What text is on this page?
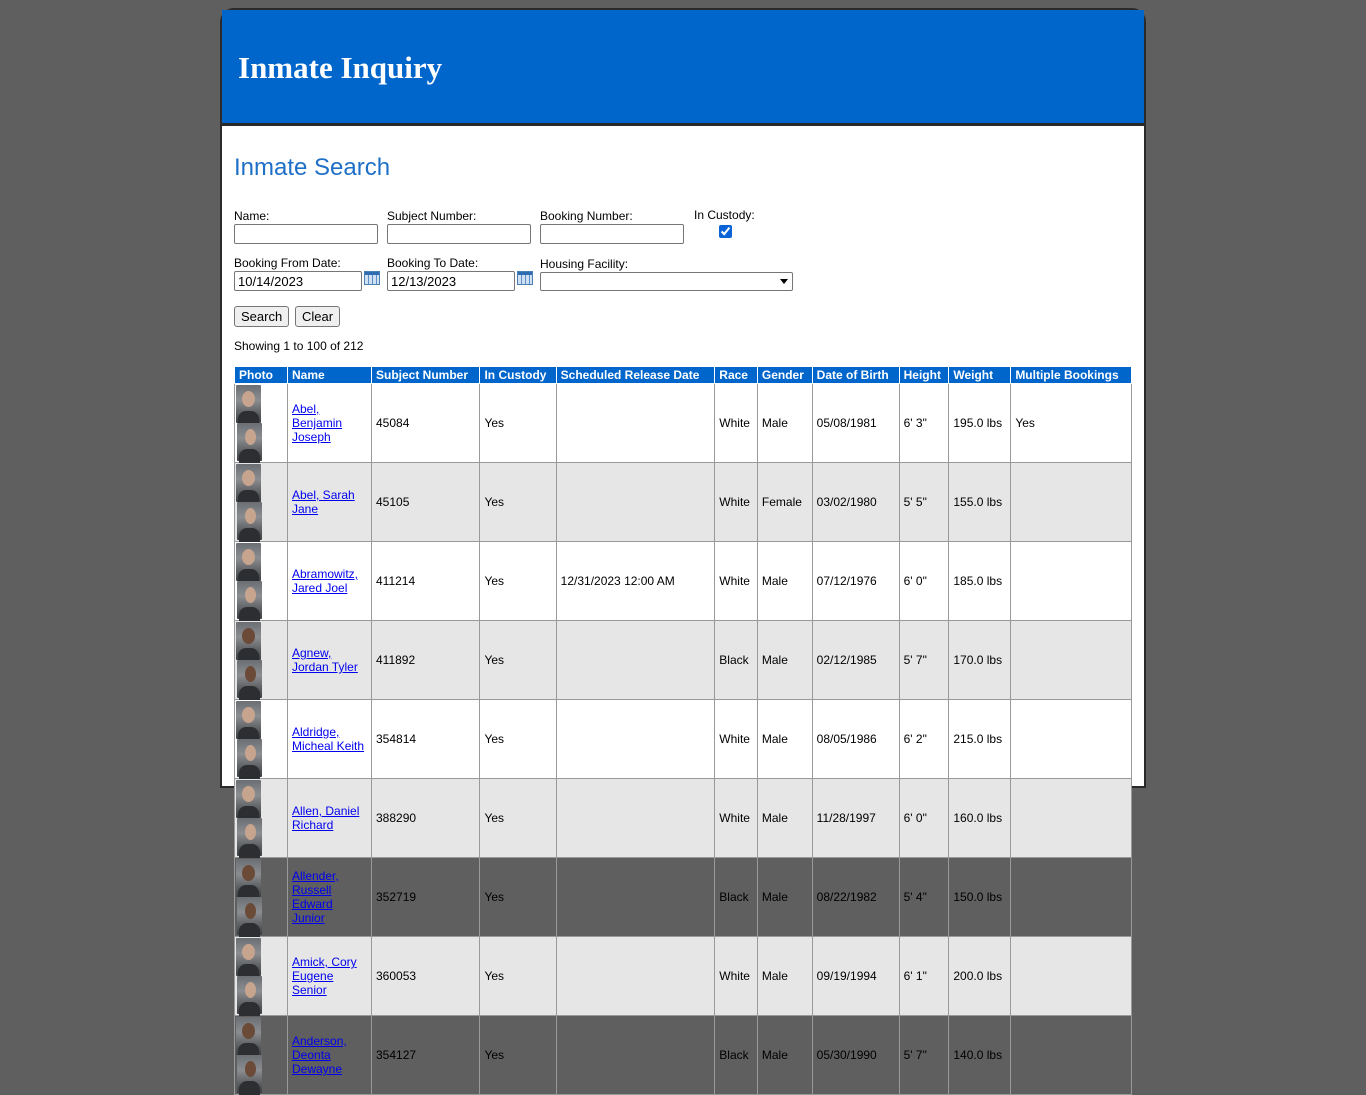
Inmate Inquiry
Inmate Search
Name:	Subject Number:	Booking Number:	In Custody:
Booking From Date:
10/14/2023	Booking To Date:
12/13/2023	Housing Facility:
Search	Clear
Showing 1 to 100 of 212
Photo	Name	Subject Number	In Custody	Scheduled Release Date	Race	Gender	Date of Birth	Height	Weight	Multiple Bookings
	Abel, Benjamin Joseph	45084	Yes		White	Male	05/08/1981	6' 3"	195.0 lbs	Yes
	Abel, Sarah Jane	45105	Yes		White	Female	03/02/1980	5' 5"	155.0 lbs	
	Abramowitz, Jared Joel	411214	Yes	12/31/2023 12:00 AM	White	Male	07/12/1976	6' 0"	185.0 lbs	
	Agnew, Jordan Tyler	411892	Yes		Black	Male	02/12/1985	5' 7"	170.0 lbs	
	Aldridge, Micheal Keith	354814	Yes		White	Male	08/05/1986	6' 2"	215.0 lbs	
	Allen, Daniel Richard	388290	Yes		White	Male	11/28/1997	6' 0"	160.0 lbs	
	Allender, Russell Edward Junior	352719	Yes		Black	Male	08/22/1982	5' 4"	150.0 lbs	
	Amick, Cory Eugene Senior	360053	Yes		White	Male	09/19/1994	6' 1"	200.0 lbs	
	Anderson, Deonta Dewayne	354127	Yes		Black	Male	05/30/1990	5' 7"	140.0 lbs	
